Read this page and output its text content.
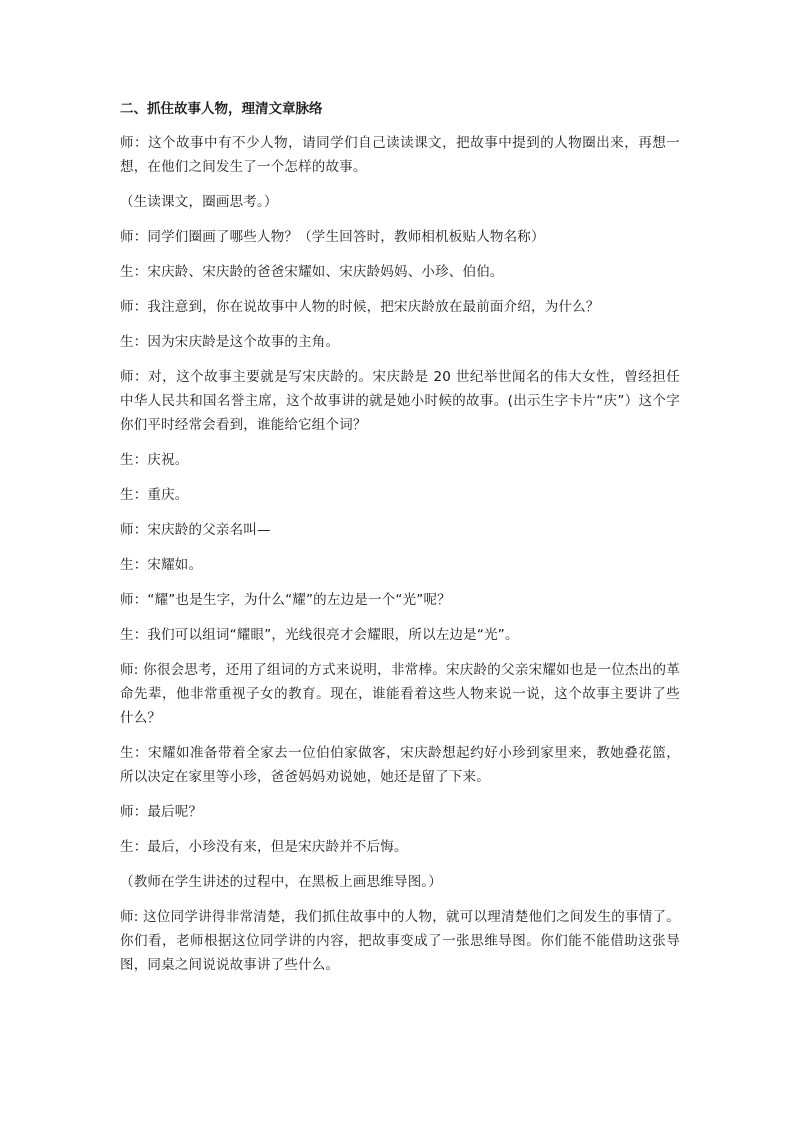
二、抓住故事人物，理清文章脉络
师：这个故事中有不少人物，请同学们自己读读课文，把故事中提到的人物圈出来，再想一想，在他们之间发生了一个怎样的故事。
（生读课文，圈画思考。）
师：同学们圈画了哪些人物？（学生回答时，教师相机板贴人物名称）
生：宋庆龄、宋庆龄的爸爸宋耀如、宋庆龄妈妈、小珍、伯伯。
师：我注意到，你在说故事中人物的时候，把宋庆龄放在最前面介绍，为什么？
生：因为宋庆龄是这个故事的主角。
师：对，这个故事主要就是写宋庆龄的。宋庆龄是 20 世纪举世闻名的伟大女性，曾经担任中华人民共和国名誉主席，这个故事讲的就是她小时候的故事。(出示生字卡片“庆”）这个字你们平时经常会看到，谁能给它组个词？
生：庆祝。
生：重庆。
师：宋庆龄的父亲名叫—
生：宋耀如。
师：“耀”也是生字，为什么“耀”的左边是一个“光”呢？
生：我们可以组词“耀眼”，光线很亮才会耀眼，所以左边是“光”。
师: 你很会思考，还用了组词的方式来说明，非常棒。宋庆龄的父亲宋耀如也是一位杰出的革命先辈，他非常重视子女的教育。现在，谁能看着这些人物来说一说，这个故事主要讲了些什么？
生：宋耀如准备带着全家去一位伯伯家做客，宋庆龄想起约好小珍到家里来，教她叠花篮，所以决定在家里等小珍，爸爸妈妈劝说她，她还是留了下来。
师：最后呢？
生：最后，小珍没有来，但是宋庆龄并不后悔。
（教师在学生讲述的过程中，在黑板上画思维导图。）
师: 这位同学讲得非常清楚，我们抓住故事中的人物，就可以理清楚他们之间发生的事情了。你们看，老师根据这位同学讲的内容，把故事变成了一张思维导图。你们能不能借助这张导图，同桌之间说说故事讲了些什么。
